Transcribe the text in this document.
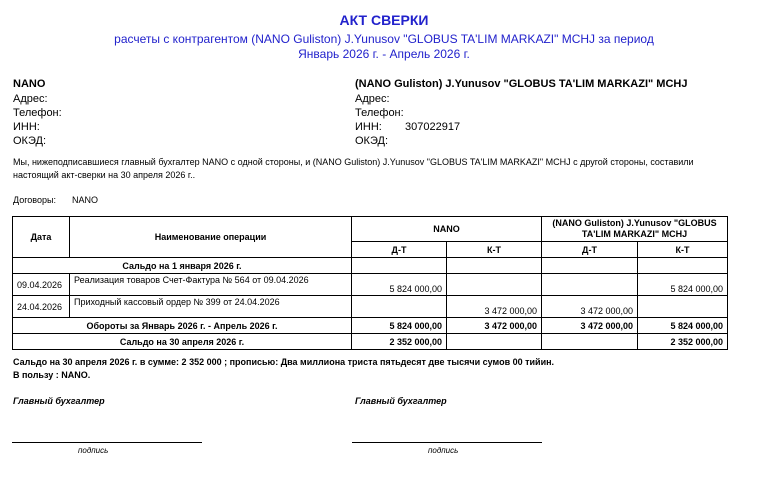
АКТ СВЕРКИ
расчеты с контрагентом (NANO Guliston) J.Yunusov "GLOBUS TA'LIM MARKAZI" MCHJ за период
Январь 2026 г. - Апрель 2026 г.
NANO
Адрес:
Телефон:
ИНН:
ОКЭД:
(NANO Guliston) J.Yunusov "GLOBUS TA'LIM MARKAZI" MCHJ
Адрес:
Телефон:
ИНН: 307022917
ОКЭД:
Мы, нижеподписавшиеся главный бухгалтер NANO с одной стороны, и (NANO Guliston) J.Yunusov "GLOBUS TA'LIM MARKAZI" MCHJ с другой стороны, составили
настоящий акт-сверки на 30 апреля 2026 г..
Договоры: NANO
Дата	Наименование операции	NANO		(NANO Guliston) J.Yunusov "GLOBUS
TA'LIM MARKAZI" MCHJ	

		Д-Т	К-Т	Д-Т	К-Т
Сальдо на 1 января 2026 г.					
09.04.2026	Реализация товаров Счет-Фактура № 564 от 09.04.2026	5 824 000,00			5 824 000,00
24.04.2026	Приходный кассовый ордер № 399 от 24.04.2026		3 472 000,00	3 472 000,00	
Обороты за Январь 2026 г. - Апрель 2026 г.		5 824 000,00	3 472 000,00	3 472 000,00	5 824 000,00
Сальдо на 30 апреля 2026 г.		2 352 000,00			2 352 000,00
Сальдо на 30 апреля 2026 г. в сумме: 2 352 000 ; прописью: Два миллиона триста пятьдесят две тысячи сумов 00 тийин.
В пользу : NANO.
Главный бухгалтер	Главный бухгалтер
подпись	подпись
